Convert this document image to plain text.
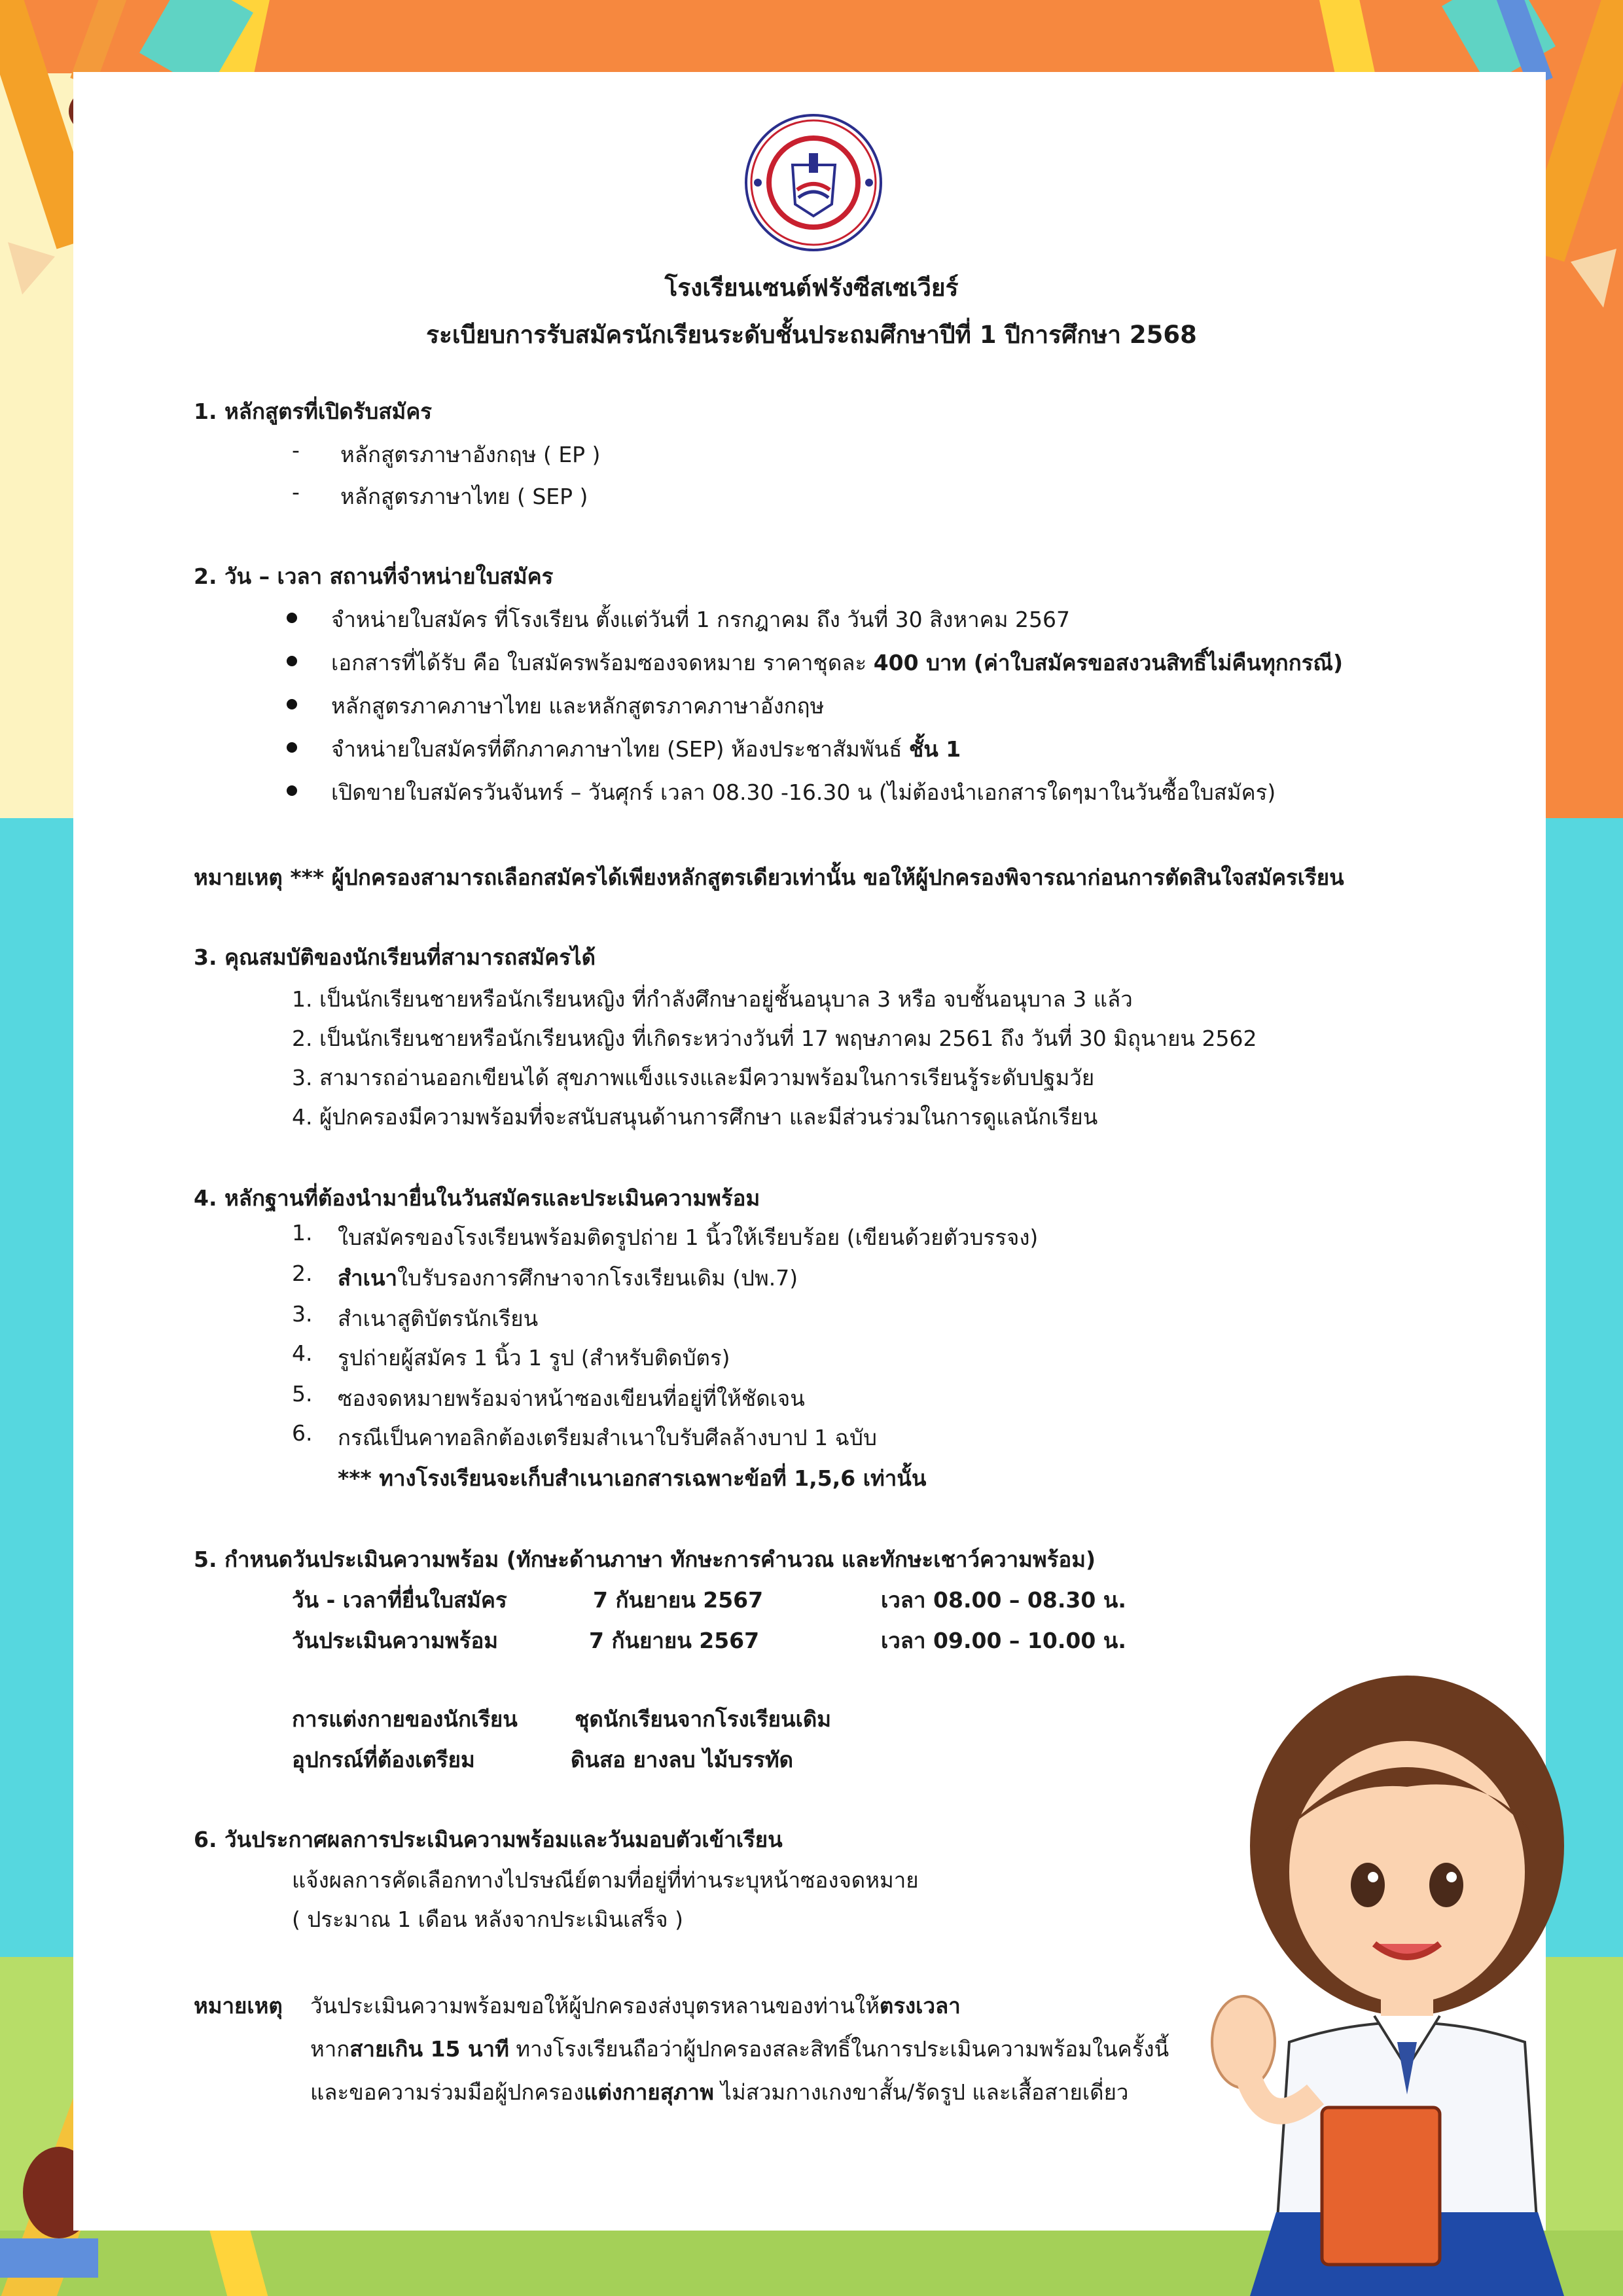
โรงเรียนเซนต์ฟรังซีสเซเวียร์
ระเบียบการรับสมัครนักเรียนระดับชั้นประถมศึกษาปีที่ 1 ปีการศึกษา 2568
1. หลักสูตรที่เปิดรับสมัคร
- หลักสูตรภาษาอังกฤษ ( EP )
- หลักสูตรภาษาไทย ( SEP )
2. วัน – เวลา สถานที่จำหน่ายใบสมัคร
จำหน่ายใบสมัคร ที่โรงเรียน ตั้งแต่วันที่ 1 กรกฎาคม ถึง วันที่ 30 สิงหาคม 2567
เอกสารที่ได้รับ คือ ใบสมัครพร้อมซองจดหมาย ราคาชุดละ 400 บาท (ค่าใบสมัครขอสงวนสิทธิ์ไม่คืนทุกกรณี)
หลักสูตรภาคภาษาไทย และหลักสูตรภาคภาษาอังกฤษ
จำหน่ายใบสมัครที่ตึกภาคภาษาไทย (SEP) ห้องประชาสัมพันธ์ ชั้น 1
เปิดขายใบสมัครวันจันทร์ – วันศุกร์ เวลา 08.30 -16.30 น (ไม่ต้องนำเอกสารใดๆมาในวันซื้อใบสมัคร)
หมายเหตุ *** ผู้ปกครองสามารถเลือกสมัครได้เพียงหลักสูตรเดียวเท่านั้น ขอให้ผู้ปกครองพิจารณาก่อนการตัดสินใจสมัครเรียน
3. คุณสมบัติของนักเรียนที่สามารถสมัครได้
1. เป็นนักเรียนชายหรือนักเรียนหญิง ที่กำลังศึกษาอยู่ชั้นอนุบาล 3 หรือ จบชั้นอนุบาล 3 แล้ว
2. เป็นนักเรียนชายหรือนักเรียนหญิง ที่เกิดระหว่างวันที่ 17 พฤษภาคม 2561 ถึง วันที่ 30 มิถุนายน 2562
3. สามารถอ่านออกเขียนได้ สุขภาพแข็งแรงและมีความพร้อมในการเรียนรู้ระดับปฐมวัย
4. ผู้ปกครองมีความพร้อมที่จะสนับสนุนด้านการศึกษา และมีส่วนร่วมในการดูแลนักเรียน
4. หลักฐานที่ต้องนำมายื่นในวันสมัครและประเมินความพร้อม
1. ใบสมัครของโรงเรียนพร้อมติดรูปถ่าย 1 นิ้วให้เรียบร้อย (เขียนด้วยตัวบรรจง)
2. สำเนาใบรับรองการศึกษาจากโรงเรียนเดิม (ปพ.7)
3. สำเนาสูติบัตรนักเรียน
4. รูปถ่ายผู้สมัคร 1 นิ้ว 1 รูป (สำหรับติดบัตร)
5. ซองจดหมายพร้อมจ่าหน้าซองเขียนที่อยู่ที่ให้ชัดเจน
6. กรณีเป็นคาทอลิกต้องเตรียมสำเนาใบรับศีลล้างบาป 1 ฉบับ
*** ทางโรงเรียนจะเก็บสำเนาเอกสารเฉพาะข้อที่ 1,5,6 เท่านั้น
5. กำหนดวันประเมินความพร้อม (ทักษะด้านภาษา ทักษะการคำนวณ และทักษะเชาว์ความพร้อม)
วัน - เวลาที่ยื่นใบสมัคร	7 กันยายน 2567	เวลา 08.00 – 08.30 น.
วันประเมินความพร้อม	7 กันยายน 2567	เวลา 09.00 – 10.00 น.
การแต่งกายของนักเรียน	ชุดนักเรียนจากโรงเรียนเดิม
อุปกรณ์ที่ต้องเตรียม	ดินสอ ยางลบ ไม้บรรทัด
6. วันประกาศผลการประเมินความพร้อมและวันมอบตัวเข้าเรียน
แจ้งผลการคัดเลือกทางไปรษณีย์ตามที่อยู่ที่ท่านระบุหน้าซองจดหมาย
( ประมาณ 1 เดือน หลังจากประเมินเสร็จ )
หมายเหตุ วันประเมินความพร้อมขอให้ผู้ปกครองส่งบุตรหลานของท่านให้ตรงเวลา
หากสายเกิน 15 นาที ทางโรงเรียนถือว่าผู้ปกครองสละสิทธิ์ในการประเมินความพร้อมในครั้งนี้
และขอความร่วมมือผู้ปกครองแต่งกายสุภาพ ไม่สวมกางเกงขาสั้น/รัดรูป และเสื้อสายเดี่ยว
